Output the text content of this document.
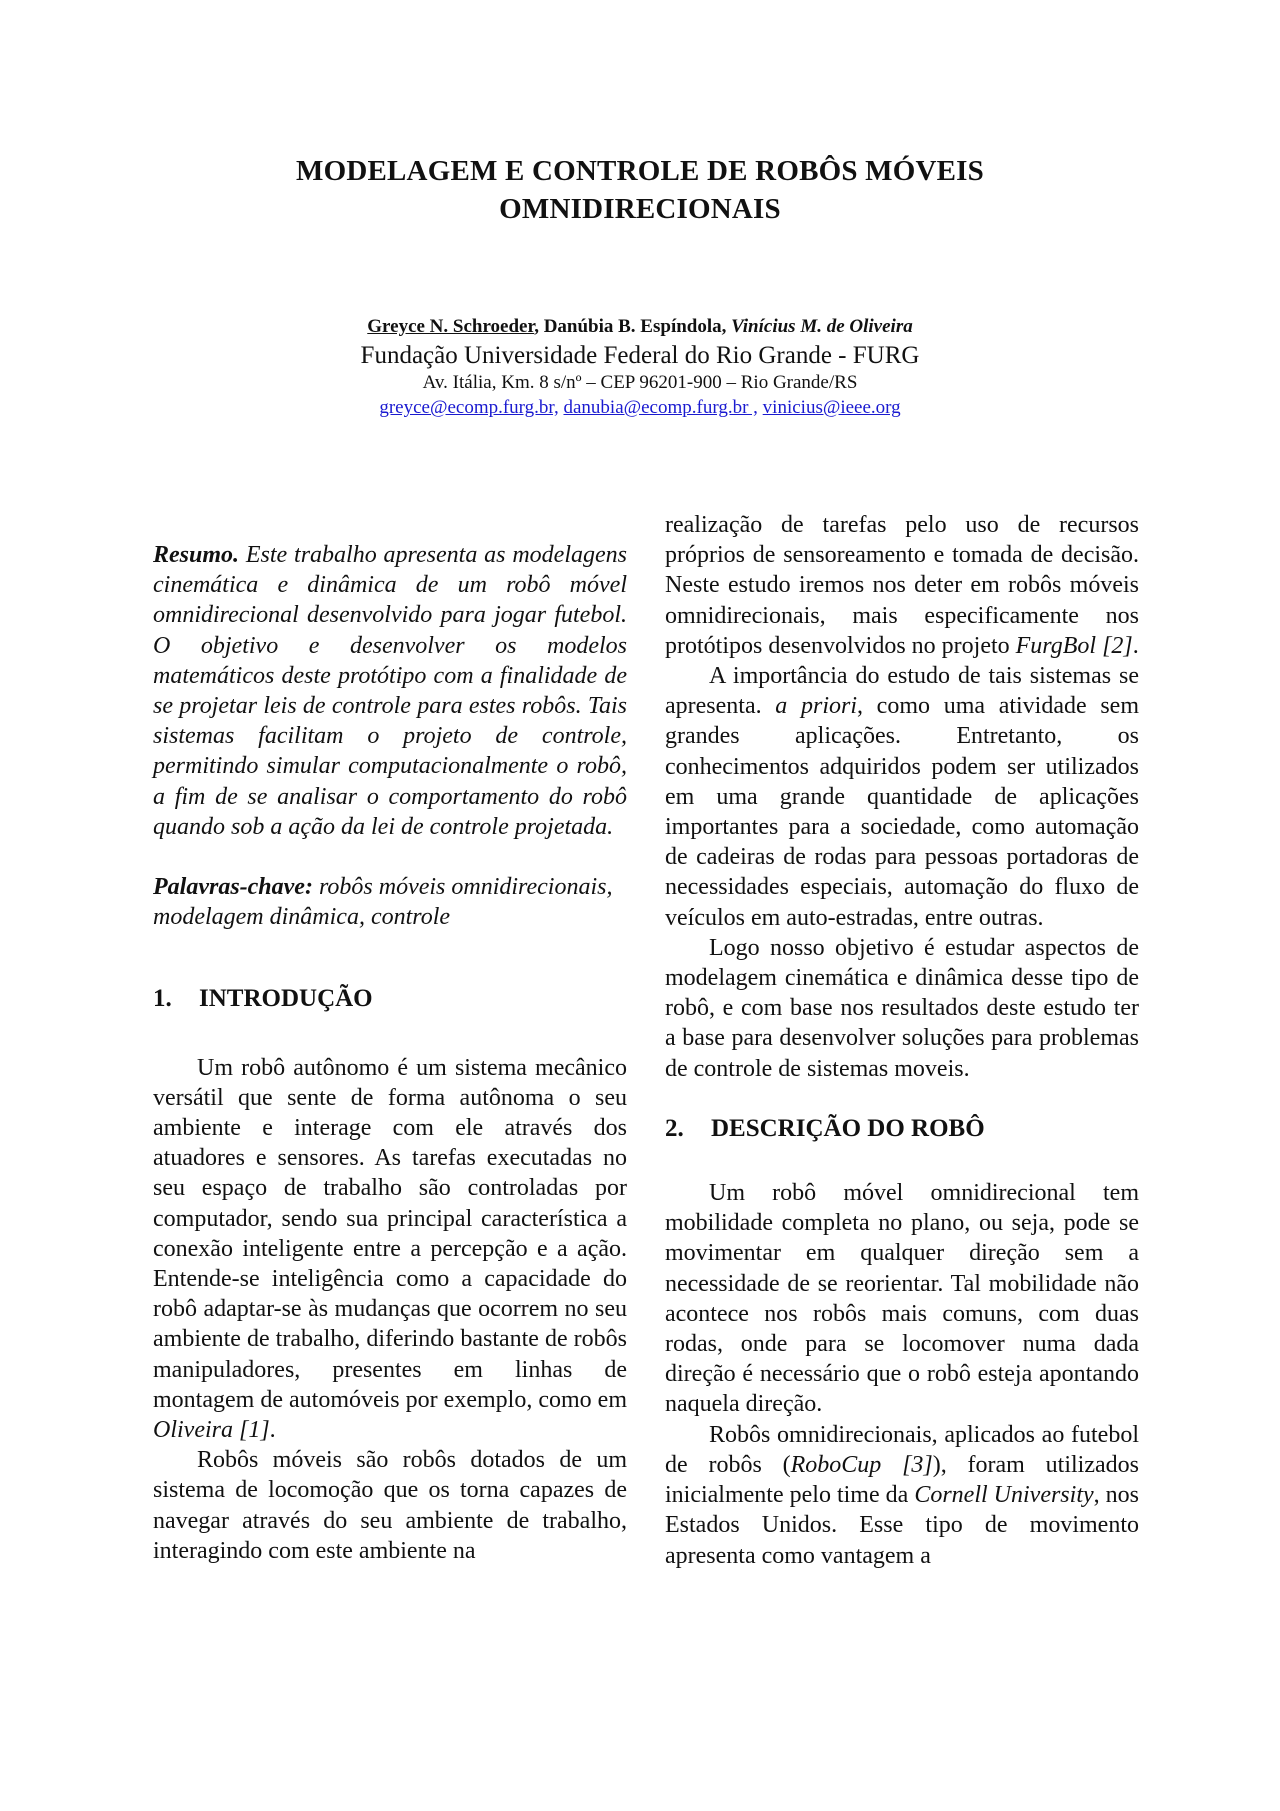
MODELAGEM E CONTROLE DE ROBÔS MÓVEIS
OMNIDIRECIONAIS
Greyce N. Schroeder, Danúbia B. Espíndola, Vinícius M. de Oliveira
Fundação Universidade Federal do Rio Grande - FURG
Av. Itália, Km. 8 s/nº – CEP 96201-900 – Rio Grande/RS
greyce@ecomp.furg.br, danubia@ecomp.furg.br , vinicius@ieee.org

Resumo. Este trabalho apresenta as modelagens cinemática e dinâmica de um robô móvel omnidirecional desenvolvido para jogar futebol. O objetivo e desenvolver os modelos matemáticos deste protótipo com a finalidade de se projetar leis de controle para estes robôs. Tais sistemas facilitam o projeto de controle, permitindo simular computacionalmente o robô, a fim de se analisar o comportamento do robô quando sob a ação da lei de controle projetada.

Palavras-chave: robôs móveis omnidirecionais, modelagem dinâmica, controle

1. INTRODUÇÃO

Um robô autônomo é um sistema mecânico versátil que sente de forma autônoma o seu ambiente e interage com ele através dos atuadores e sensores. As tarefas executadas no seu espaço de trabalho são controladas por computador, sendo sua principal característica a conexão inteligente entre a percepção e a ação. Entende-se inteligência como a capacidade do robô adaptar-se às mudanças que ocorrem no seu ambiente de trabalho, diferindo bastante de robôs manipuladores, presentes em linhas de montagem de automóveis por exemplo, como em Oliveira [1].

Robôs móveis são robôs dotados de um sistema de locomoção que os torna capazes de navegar através do seu ambiente de trabalho, interagindo com este ambiente na

realização de tarefas pelo uso de recursos próprios de sensoreamento e tomada de decisão. Neste estudo iremos nos deter em robôs móveis omnidirecionais, mais especificamente nos protótipos desenvolvidos no projeto FurgBol [2].

A importância do estudo de tais sistemas se apresenta. a priori, como uma atividade sem grandes aplicações. Entretanto, os conhecimentos adquiridos podem ser utilizados em uma grande quantidade de aplicações importantes para a sociedade, como automação de cadeiras de rodas para pessoas portadoras de necessidades especiais, automação do fluxo de veículos em auto-estradas, entre outras.

Logo nosso objetivo é estudar aspectos de modelagem cinemática e dinâmica desse tipo de robô, e com base nos resultados deste estudo ter a base para desenvolver soluções para problemas de controle de sistemas moveis.

2. DESCRIÇÃO DO ROBÔ

Um robô móvel omnidirecional tem mobilidade completa no plano, ou seja, pode se movimentar em qualquer direção sem a necessidade de se reorientar. Tal mobilidade não acontece nos robôs mais comuns, com duas rodas, onde para se locomover numa dada direção é necessário que o robô esteja apontando naquela direção.

Robôs omnidirecionais, aplicados ao futebol de robôs (RoboCup [3]), foram utilizados inicialmente pelo time da Cornell University, nos Estados Unidos. Esse tipo de movimento apresenta como vantagem a
